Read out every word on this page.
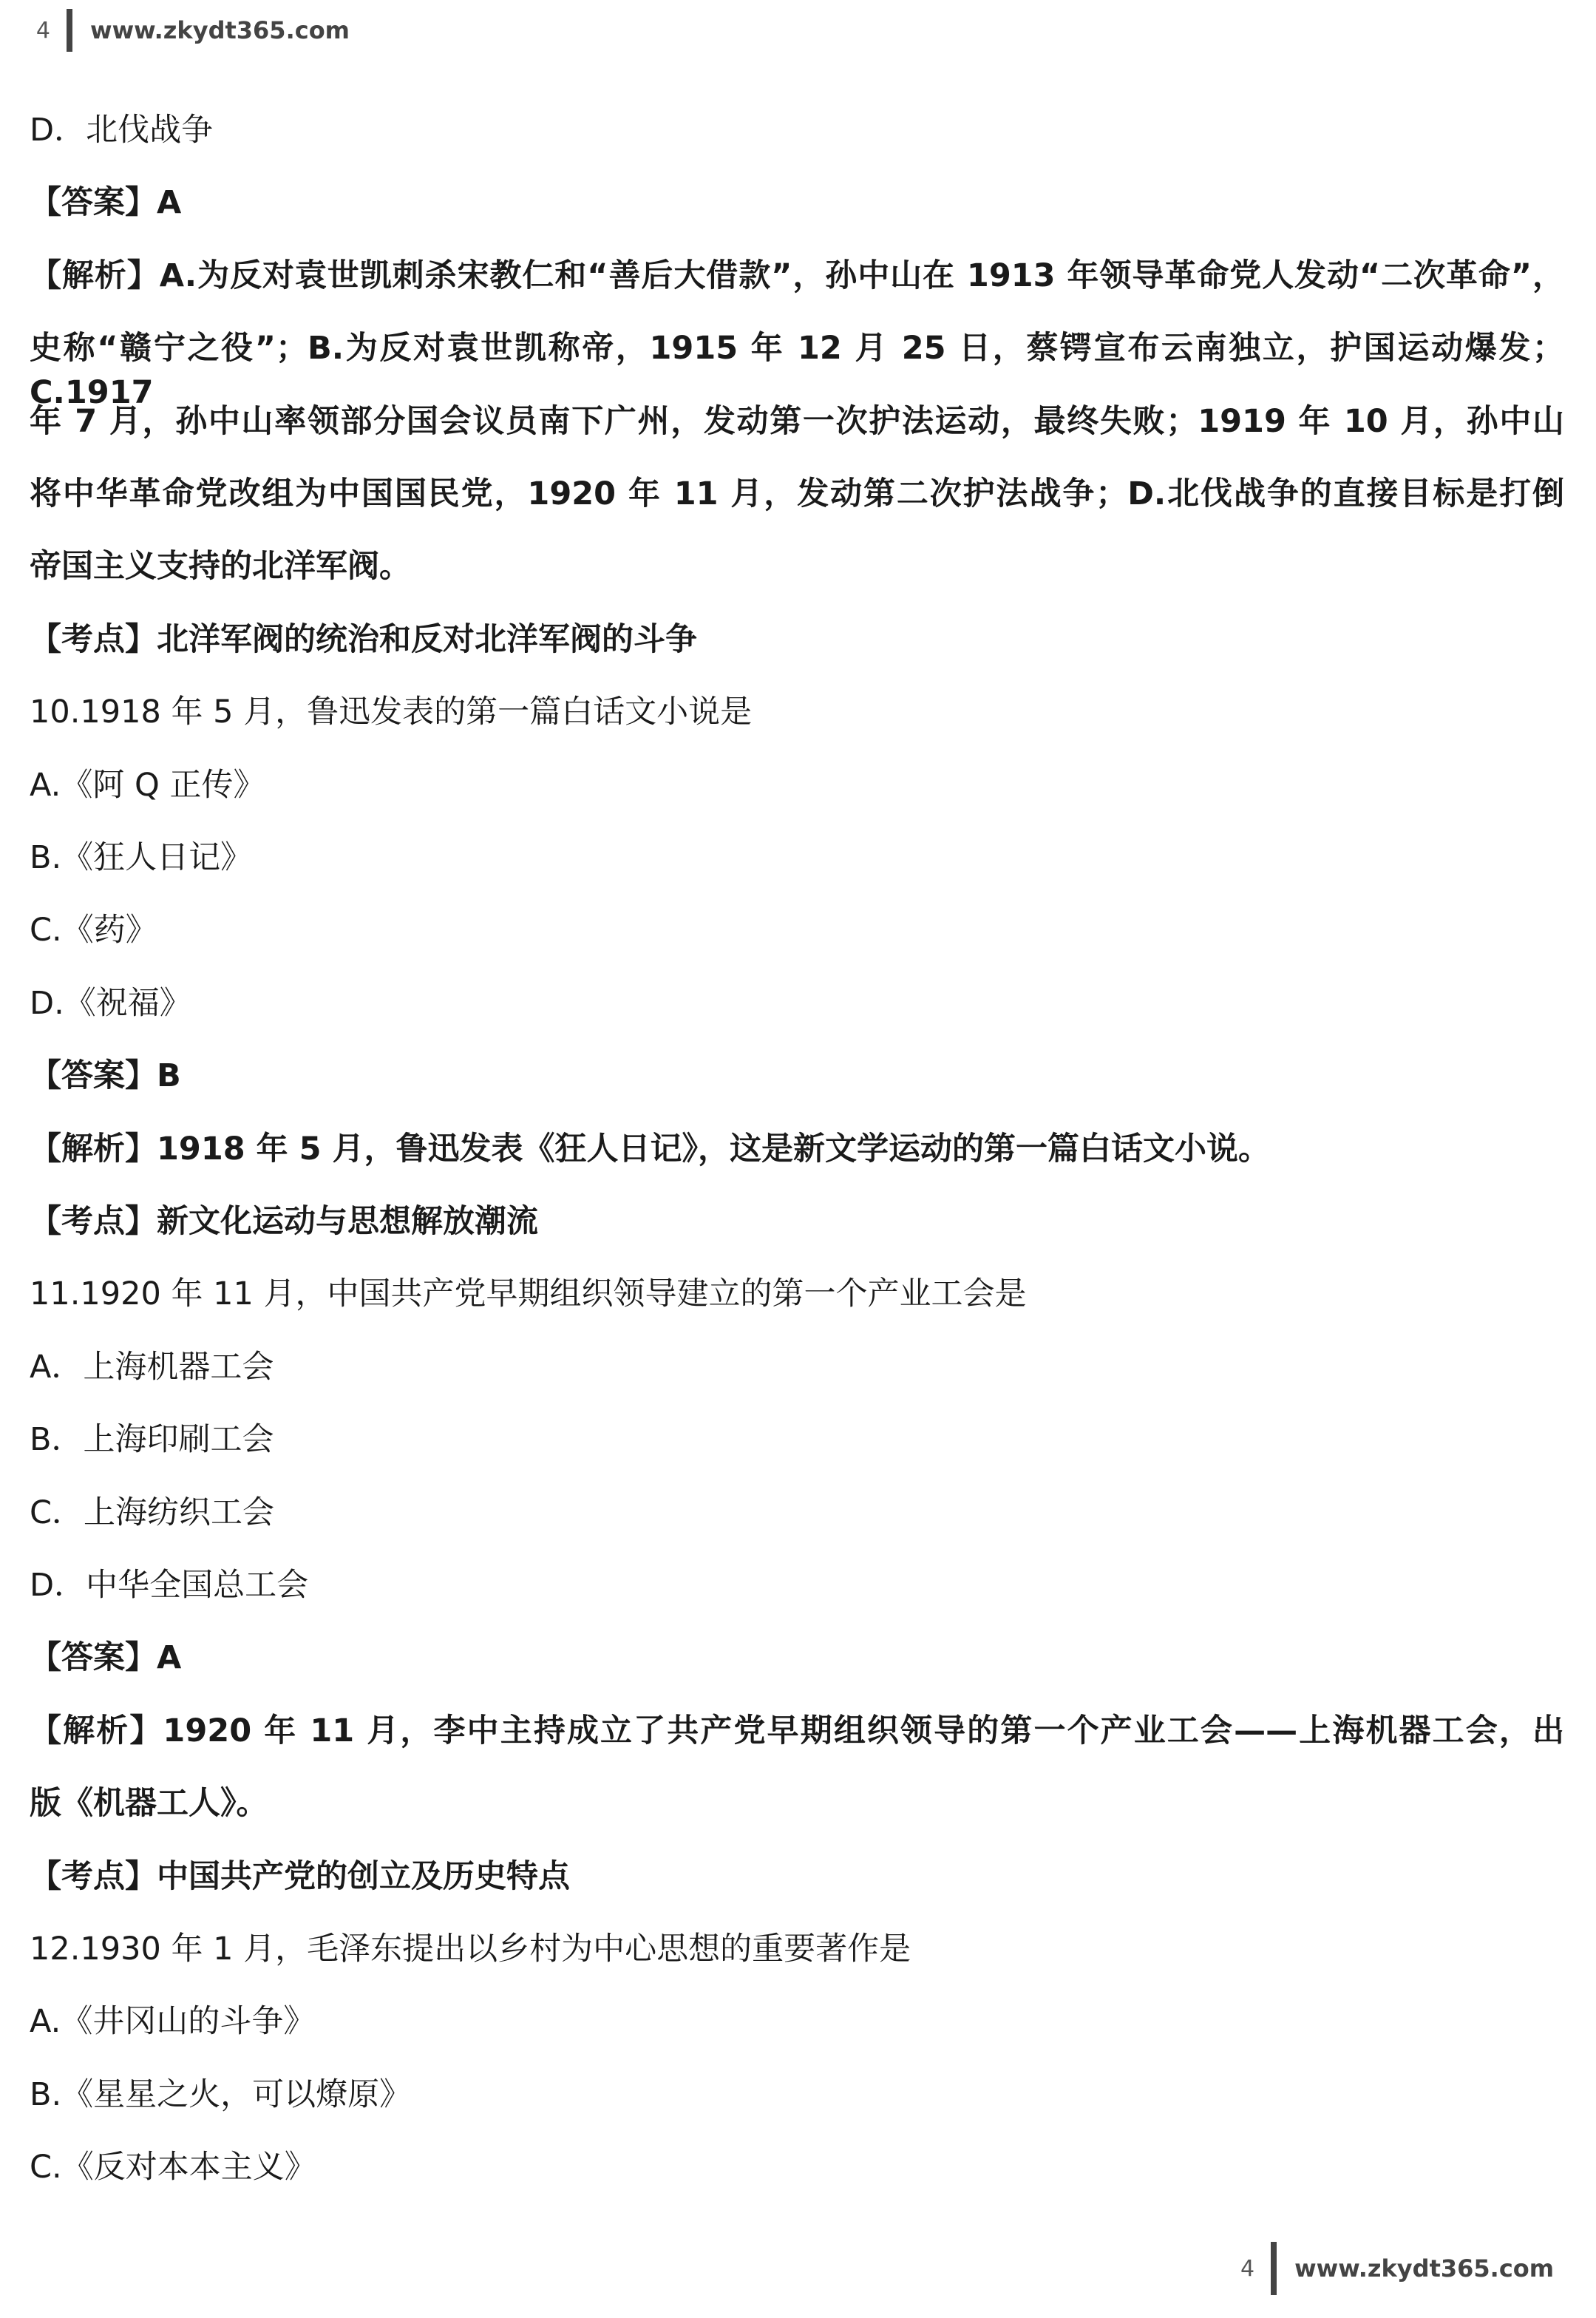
4 www.zkydt365.com
D．北伐战争
【答案】A
【解析】A.为反对袁世凯刺杀宋教仁和“善后大借款”，孙中山在 1913 年领导革命党人发动“二次革命”，
史称“赣宁之役”；B.为反对袁世凯称帝，1915 年 12 月 25 日，蔡锷宣布云南独立，护国运动爆发；C.1917
年 7 月，孙中山率领部分国会议员南下广州，发动第一次护法运动，最终失败；1919 年 10 月，孙中山
将中华革命党改组为中国国民党，1920 年 11 月，发动第二次护法战争；D.北伐战争的直接目标是打倒
帝国主义支持的北洋军阀。
【考点】北洋军阀的统治和反对北洋军阀的斗争
10.1918 年 5 月，鲁迅发表的第一篇白话文小说是
A.《阿 Q 正传》
B.《狂人日记》
C.《药》
D.《祝福》
【答案】B
【解析】1918 年 5 月，鲁迅发表《狂人日记》，这是新文学运动的第一篇白话文小说。
【考点】新文化运动与思想解放潮流
11.1920 年 11 月，中国共产党早期组织领导建立的第一个产业工会是
A．上海机器工会
B．上海印刷工会
C．上海纺织工会
D．中华全国总工会
【答案】A
【解析】1920 年 11 月，李中主持成立了共产党早期组织领导的第一个产业工会——上海机器工会，出
版《机器工人》。
【考点】中国共产党的创立及历史特点
12.1930 年 1 月，毛泽东提出以乡村为中心思想的重要著作是
A.《井冈山的斗争》
B.《星星之火，可以燎原》
C.《反对本本主义》
4 www.zkydt365.com
